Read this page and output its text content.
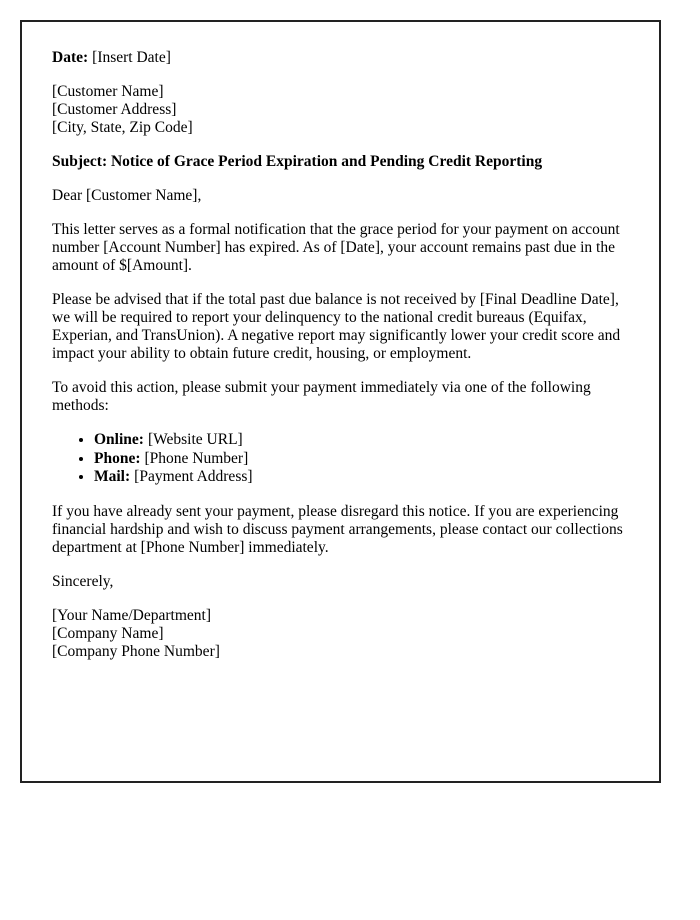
Date: [Insert Date]

[Customer Name]
[Customer Address]
[City, State, Zip Code]

Subject: Notice of Grace Period Expiration and Pending Credit Reporting

Dear [Customer Name],

This letter serves as a formal notification that the grace period for your payment on account number [Account Number] has expired. As of [Date], your account remains past due in the amount of $[Amount].

Please be advised that if the total past due balance is not received by [Final Deadline Date], we will be required to report your delinquency to the national credit bureaus (Equifax, Experian, and TransUnion). A negative report may significantly lower your credit score and impact your ability to obtain future credit, housing, or employment.

To avoid this action, please submit your payment immediately via one of the following methods:

• Online: [Website URL]
• Phone: [Phone Number]
• Mail: [Payment Address]

If you have already sent your payment, please disregard this notice. If you are experiencing financial hardship and wish to discuss payment arrangements, please contact our collections department at [Phone Number] immediately.

Sincerely,

[Your Name/Department]
[Company Name]
[Company Phone Number]
